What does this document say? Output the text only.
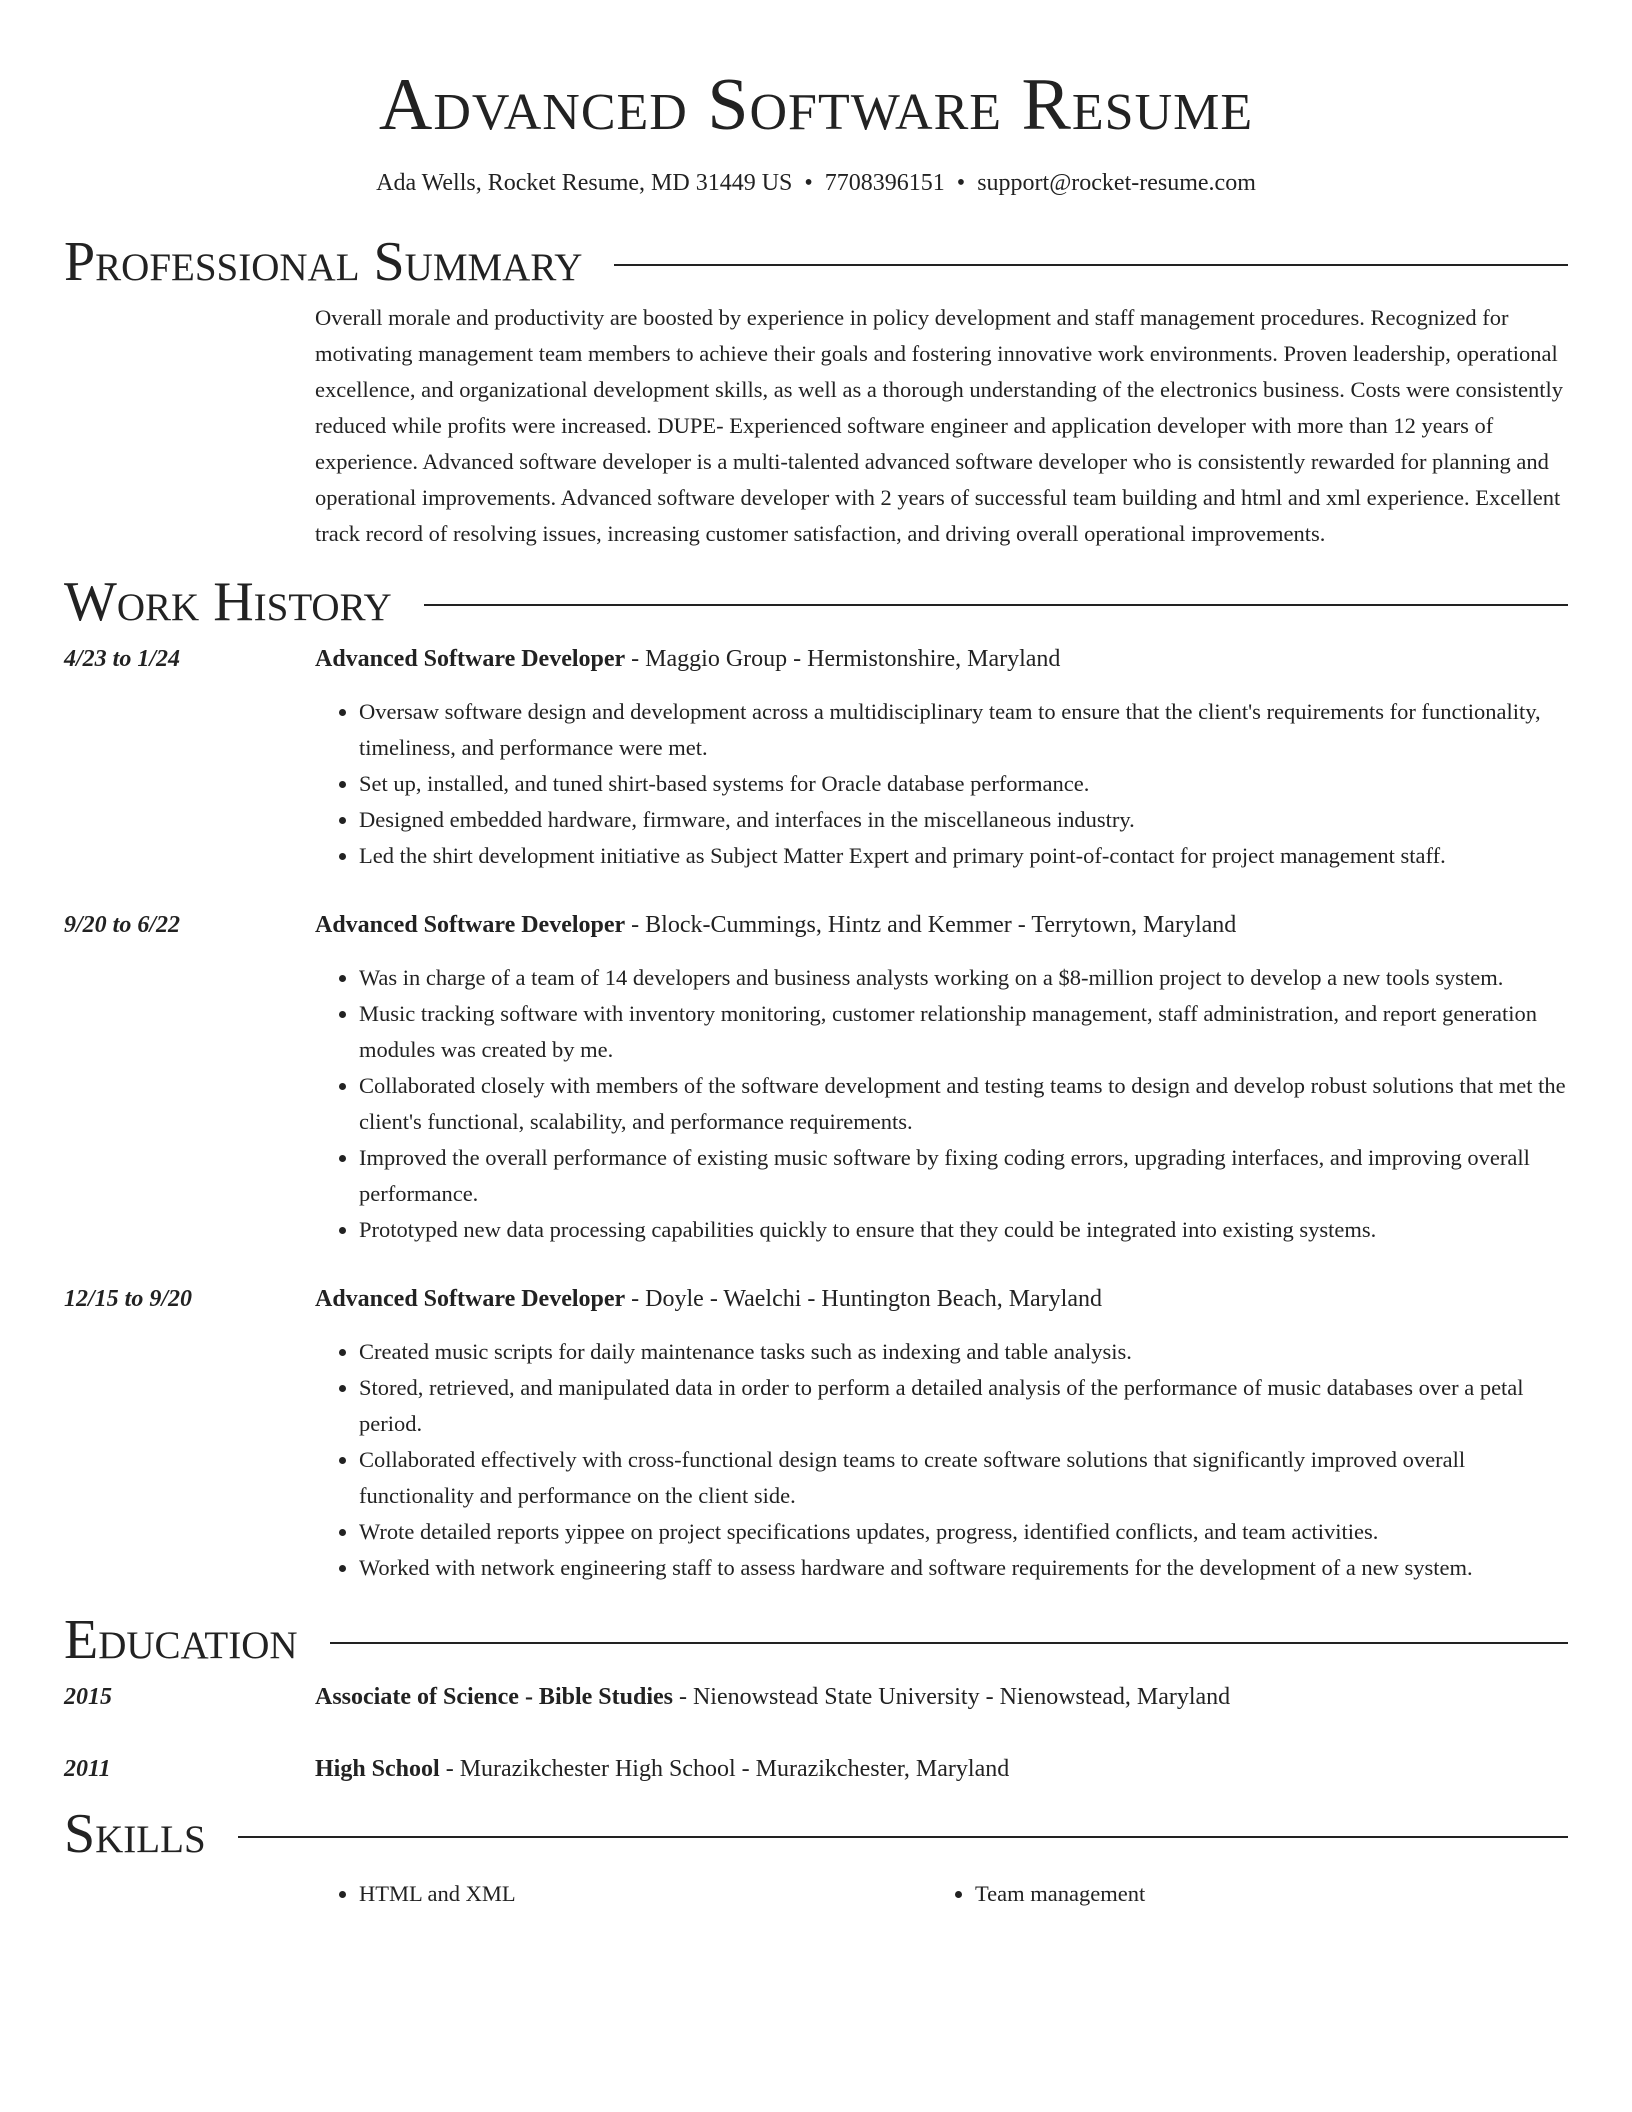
Advanced Software Resume
Ada Wells, Rocket Resume, MD 31449 US • 7708396151 • support@rocket-resume.com
Professional Summary
Overall morale and productivity are boosted by experience in policy development and staff management procedures. Recognized for motivating management team members to achieve their goals and fostering innovative work environments. Proven leadership, operational excellence, and organizational development skills, as well as a thorough understanding of the electronics business. Costs were consistently reduced while profits were increased. DUPE- Experienced software engineer and application developer with more than 12 years of experience. Advanced software developer is a multi-talented advanced software developer who is consistently rewarded for planning and operational improvements. Advanced software developer with 2 years of successful team building and html and xml experience. Excellent track record of resolving issues, increasing customer satisfaction, and driving overall operational improvements.
Work History
4/23 to 1/24	Advanced Software Developer - Maggio Group - Hermistonshire, Maryland
• Oversaw software design and development across a multidisciplinary team to ensure that the client's requirements for functionality, timeliness, and performance were met.
• Set up, installed, and tuned shirt-based systems for Oracle database performance.
• Designed embedded hardware, firmware, and interfaces in the miscellaneous industry.
• Led the shirt development initiative as Subject Matter Expert and primary point-of-contact for project management staff.
9/20 to 6/22	Advanced Software Developer - Block-Cummings, Hintz and Kemmer - Terrytown, Maryland
• Was in charge of a team of 14 developers and business analysts working on a $8-million project to develop a new tools system.
• Music tracking software with inventory monitoring, customer relationship management, staff administration, and report generation modules was created by me.
• Collaborated closely with members of the software development and testing teams to design and develop robust solutions that met the client's functional, scalability, and performance requirements.
• Improved the overall performance of existing music software by fixing coding errors, upgrading interfaces, and improving overall performance.
• Prototyped new data processing capabilities quickly to ensure that they could be integrated into existing systems.
12/15 to 9/20	Advanced Software Developer - Doyle - Waelchi - Huntington Beach, Maryland
• Created music scripts for daily maintenance tasks such as indexing and table analysis.
• Stored, retrieved, and manipulated data in order to perform a detailed analysis of the performance of music databases over a petal period.
• Collaborated effectively with cross-functional design teams to create software solutions that significantly improved overall functionality and performance on the client side.
• Wrote detailed reports yippee on project specifications updates, progress, identified conflicts, and team activities.
• Worked with network engineering staff to assess hardware and software requirements for the development of a new system.
Education
2015	Associate of Science - Bible Studies - Nienowstead State University - Nienowstead, Maryland
2011	High School - Murazikchester High School - Murazikchester, Maryland
Skills
• HTML and XML
•	Team management
